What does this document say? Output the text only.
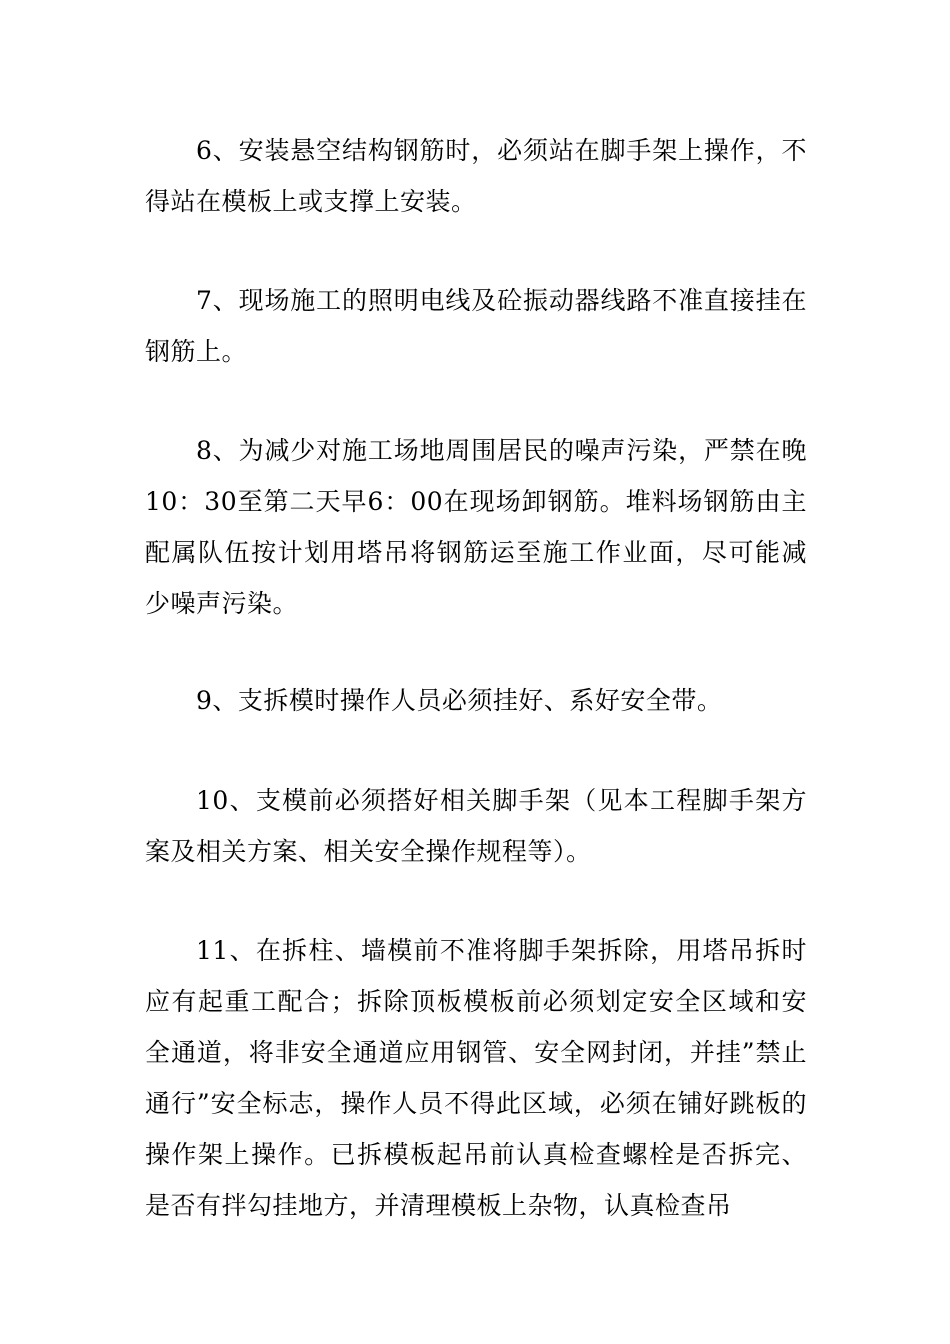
6、安装悬空结构钢筋时，必须站在脚手架上操作，不得站在模板上或支撑上安装。

7、现场施工的照明电线及砼振动器线路不准直接挂在钢筋上。

8、为减少对施工场地周围居民的噪声污染，严禁在晚10：30至第二天早6：00在现场卸钢筋。堆料场钢筋由主配属队伍按计划用塔吊将钢筋运至施工作业面，尽可能减少噪声污染。

9、支拆模时操作人员必须挂好、系好安全带。

10、支模前必须搭好相关脚手架（见本工程脚手架方案及相关方案、相关安全操作规程等）。

11、在拆柱、墙模前不准将脚手架拆除，用塔吊拆时应有起重工配合；拆除顶板模板前必须划定安全区域和安全通道，将非安全通道应用钢管、安全网封闭，并挂”禁止通行”安全标志，操作人员不得此区域，必须在铺好跳板的操作架上操作。已拆模板起吊前认真检查螺栓是否拆完、是否有拌勾挂地方，并清理模板上杂物，认真检查吊
